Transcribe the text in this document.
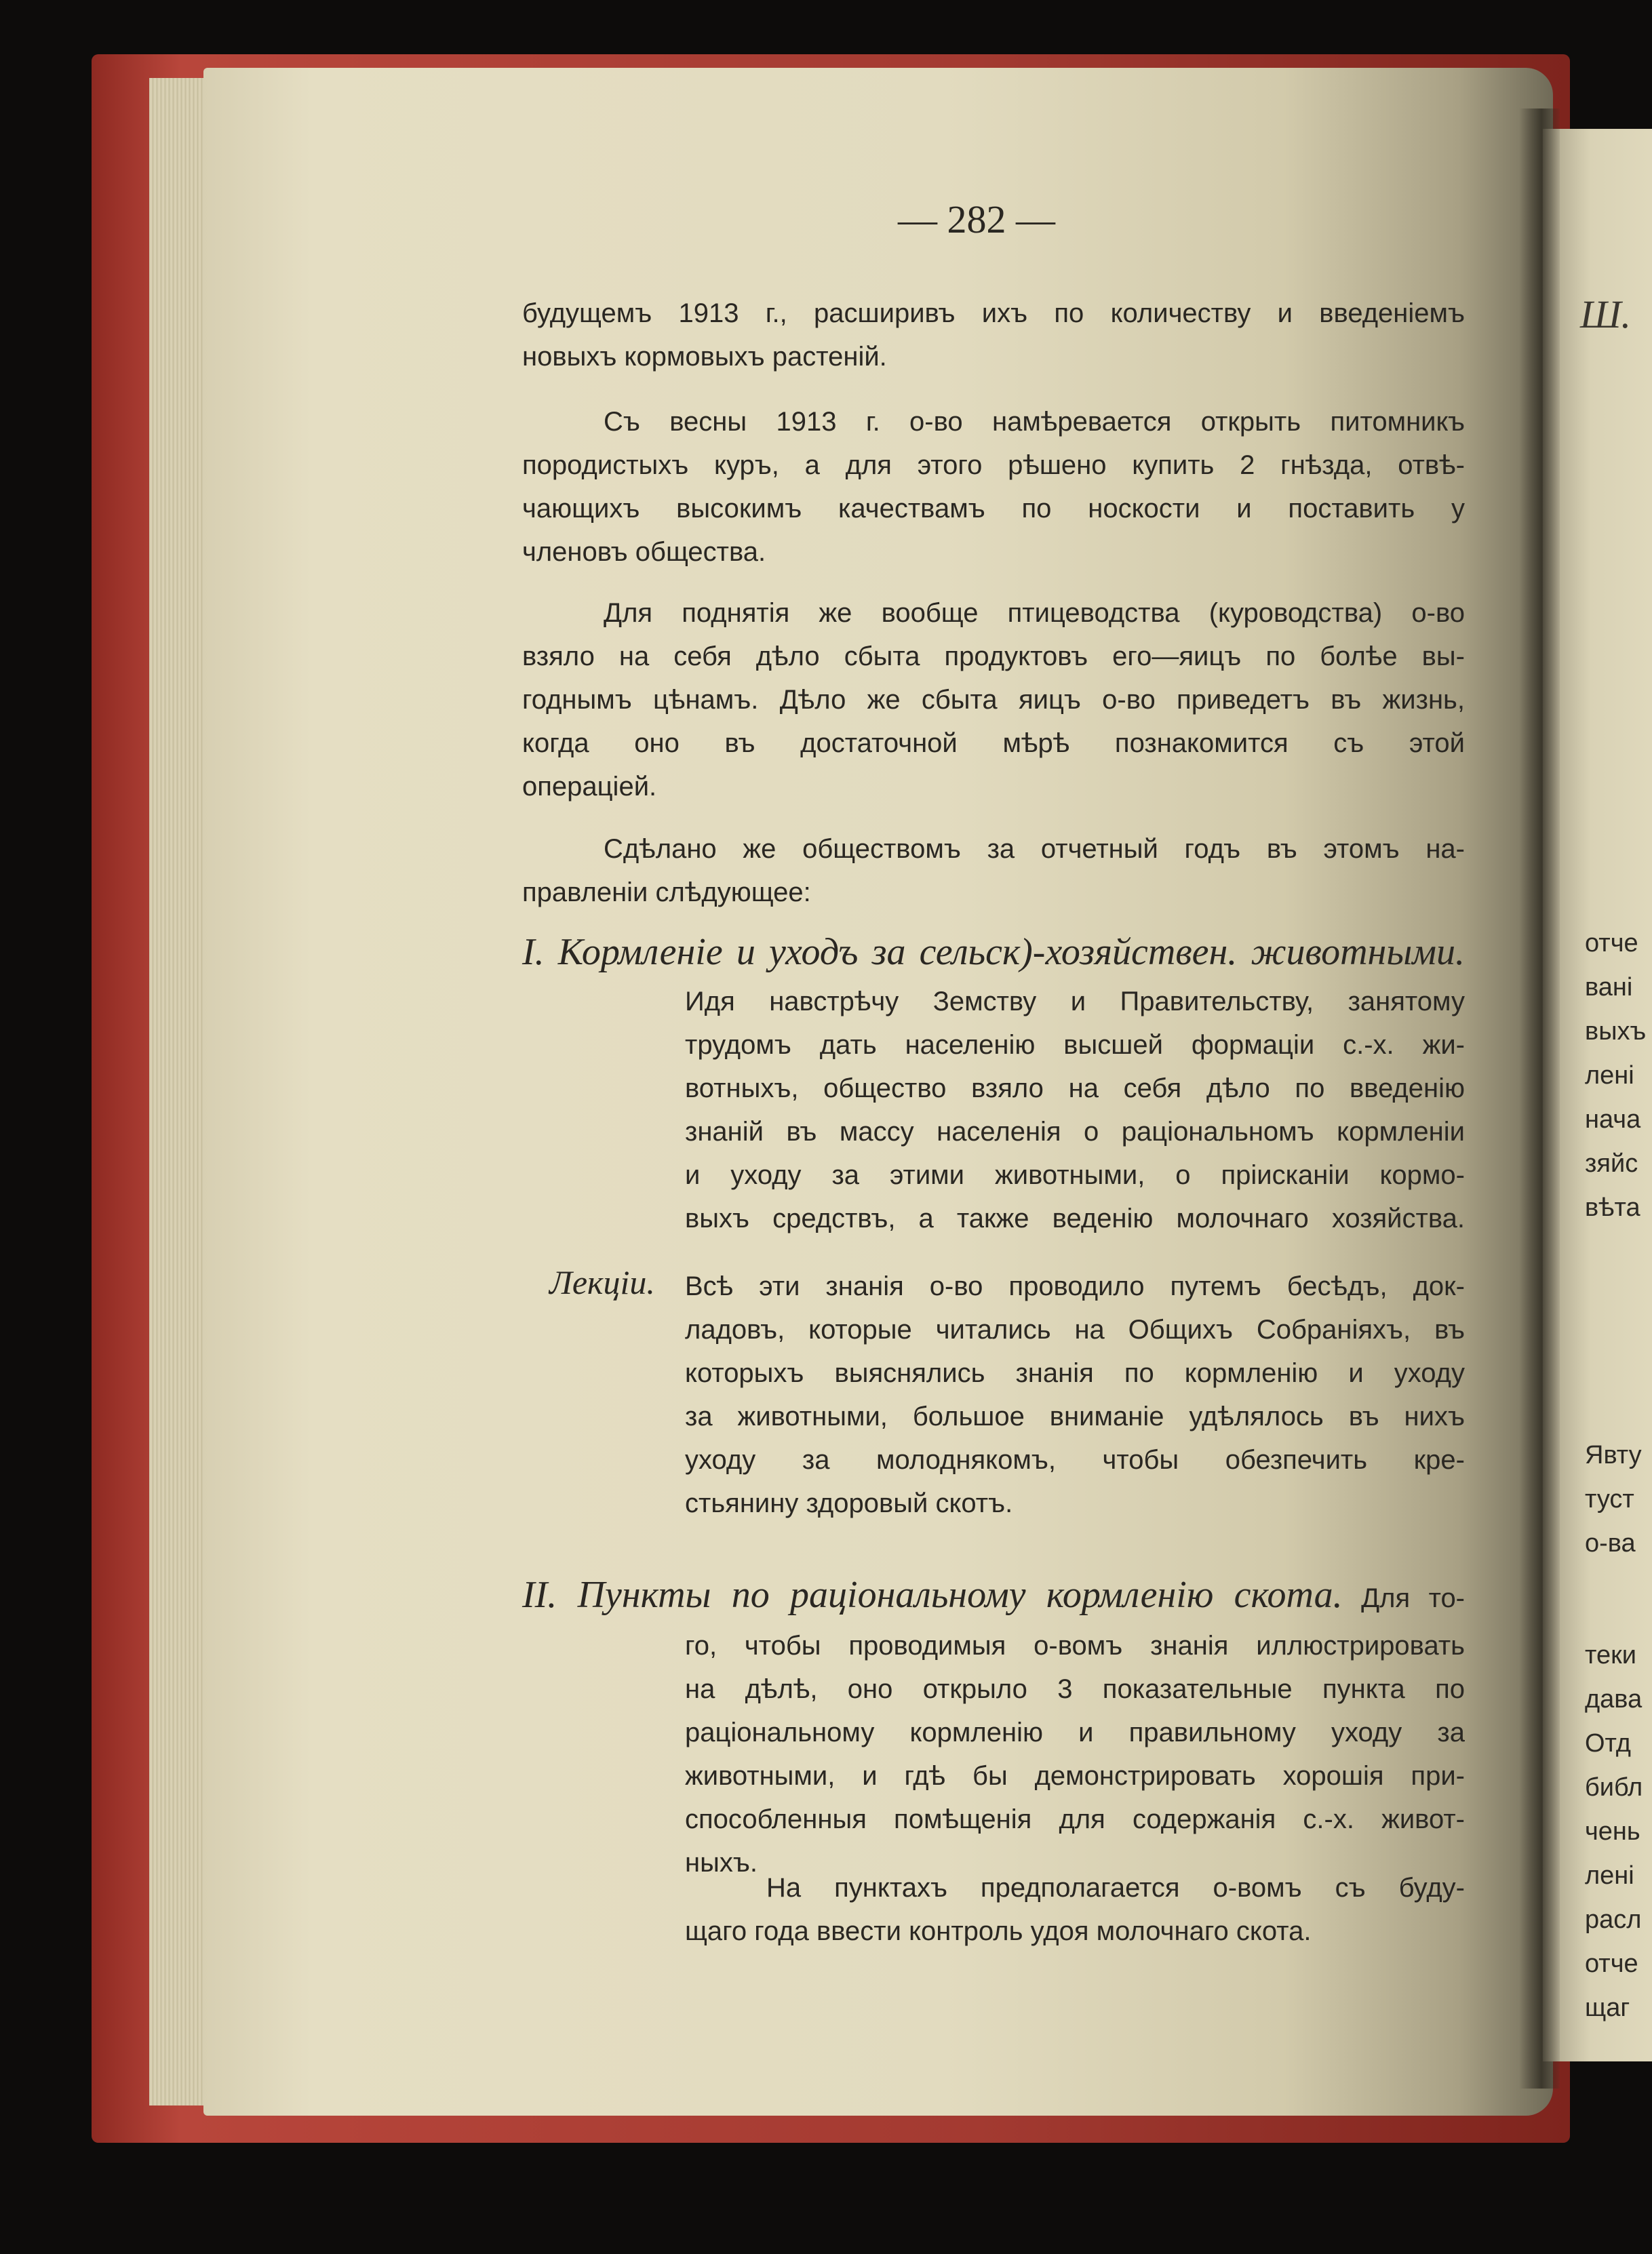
Ш.
отче
ванi
выхъ
ленi
нача
зяйс
вѣта
Явту
туст
о-ва
теки
дава
Отд
библ
чень
ленi
расл
отче
щаг
— 282 —
будущемъ 1913 г., расширивъ ихъ по количеству и введеніемъ
новыхъ кормовыхъ растеній.
Съ весны 1913 г. о-во намѣревается открыть питомникъ
породистыхъ куръ, а для этого рѣшено купить 2 гнѣзда, отвѣ-
чающихъ высокимъ качествамъ по носкости и поставить у
членовъ общества.
Для поднятія же вообще птицеводства (куроводства) о-во
взяло на себя дѣло сбыта продуктовъ его—яицъ по болѣе вы-
годнымъ цѣнамъ. Дѣло же сбыта яицъ о-во приведетъ въ жизнь,
когда оно въ достаточной мѣрѣ познакомится съ этой
операціей.
Сдѣлано же обществомъ за отчетный годъ въ этомъ на-
правленіи слѣдующее:
I. Кормленіе и уходъ за сельск)-хозяйствен. животными.
Идя навстрѣчу Земству и Правительству, занятому
трудомъ дать населенію высшей формаціи с.-х. жи-
вотныхъ, общество взяло на себя дѣло по введенію
знаній въ массу населенія о раціональномъ кормленіи
и уходу за этими животными, о пріисканіи кормо-
выхъ средствъ, а также веденію молочнаго хозяйства.
Лекціи. Всѣ эти знанія о-во проводило путемъ бесѣдъ, док-
ладовъ, которые читались на Общихъ Собраніяхъ, въ
которыхъ выяснялись знанія по кормленію и уходу
за животными, большое вниманіе удѣлялось въ нихъ
уходу за молоднякомъ, чтобы обезпечить кре-
стьянину здоровый скотъ.
II. Пункты по раціональному кормленію скота. Для то-
го, чтобы проводимыя о-вомъ знанія иллюстрировать
на дѣлѣ, оно открыло 3 показательные пункта по
раціональному кормленію и правильному уходу за
животными, и гдѣ бы демонстрировать хорошія при-
способленныя помѣщенія для содержанія с.-х. живот-
ныхъ.
На пунктахъ предполагается о-вомъ съ буду-
щаго года ввести контроль удоя молочнаго скота.
